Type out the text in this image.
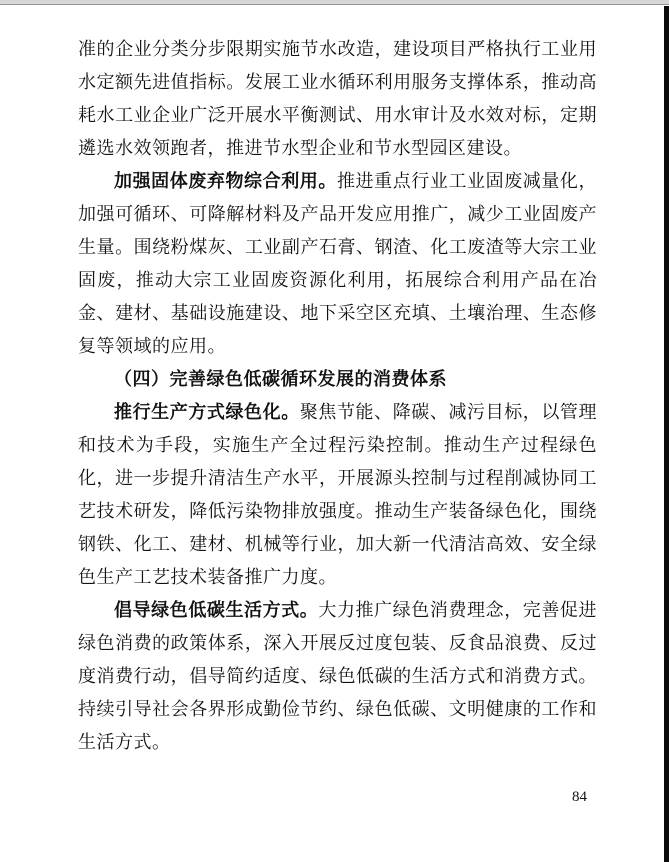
准的企业分类分步限期实施节水改造，建设项目严格执行工业用水定额先进值指标。发展工业水循环利用服务支撑体系，推动高耗水工业企业广泛开展水平衡测试、用水审计及水效对标，定期遴选水效领跑者，推进节水型企业和节水型园区建设。

加强固体废弃物综合利用。推进重点行业工业固废减量化，加强可循环、可降解材料及产品开发应用推广，减少工业固废产生量。围绕粉煤灰、工业副产石膏、钢渣、化工废渣等大宗工业固废，推动大宗工业固废资源化利用，拓展综合利用产品在冶金、建材、基础设施建设、地下采空区充填、土壤治理、生态修复等领域的应用。

（四）完善绿色低碳循环发展的消费体系

推行生产方式绿色化。聚焦节能、降碳、减污目标，以管理和技术为手段，实施生产全过程污染控制。推动生产过程绿色化，进一步提升清洁生产水平，开展源头控制与过程削减协同工艺技术研发，降低污染物排放强度。推动生产装备绿色化，围绕钢铁、化工、建材、机械等行业，加大新一代清洁高效、安全绿色生产工艺技术装备推广力度。

倡导绿色低碳生活方式。大力推广绿色消费理念，完善促进绿色消费的政策体系，深入开展反过度包装、反食品浪费、反过度消费行动，倡导简约适度、绿色低碳的生活方式和消费方式。持续引导社会各界形成勤俭节约、绿色低碳、文明健康的工作和生活方式。

84
